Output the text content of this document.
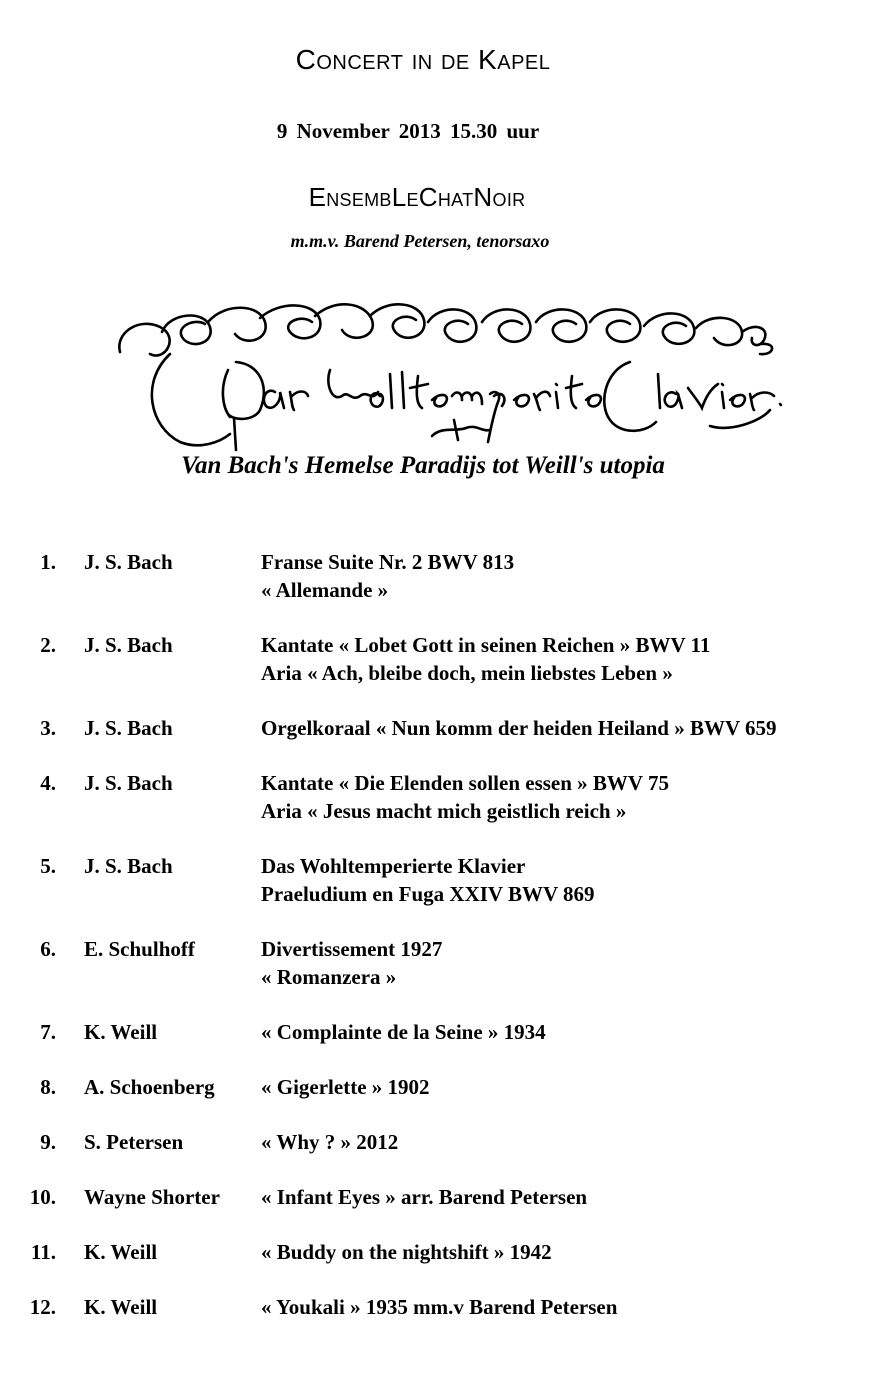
Concert in de Kapel
9 November 2013 15.30 uur
EnsembLeChatNoir
m.m.v. Barend Petersen, tenorsaxo
Van Bach's Hemelse Paradijs tot Weill's utopia
1. J. S. Bach	Franse Suite Nr. 2 BWV 813
« Allemande »
2. J. S. Bach	Kantate « Lobet Gott in seinen Reichen » BWV 11
Aria « Ach, bleibe doch, mein liebstes Leben »
3. J. S. Bach	Orgelkoraal « Nun komm der heiden Heiland » BWV 659
4. J. S. Bach	Kantate « Die Elenden sollen essen » BWV 75
Aria « Jesus macht mich geistlich reich »
5. J. S. Bach	Das Wohltemperierte Klavier
Praeludium en Fuga XXIV BWV 869
6. E. Schulhoff	Divertissement 1927
« Romanzera »
7. K. Weill	« Complainte de la Seine » 1934
8. A. Schoenberg « Gigerlette » 1902
9. S. Petersen	« Why ? » 2012
10. Wayne Shorter « Infant Eyes » arr. Barend Petersen
11. K. Weill	« Buddy on the nightshift » 1942
12. K. Weill	« Youkali » 1935 mm.v Barend Petersen
